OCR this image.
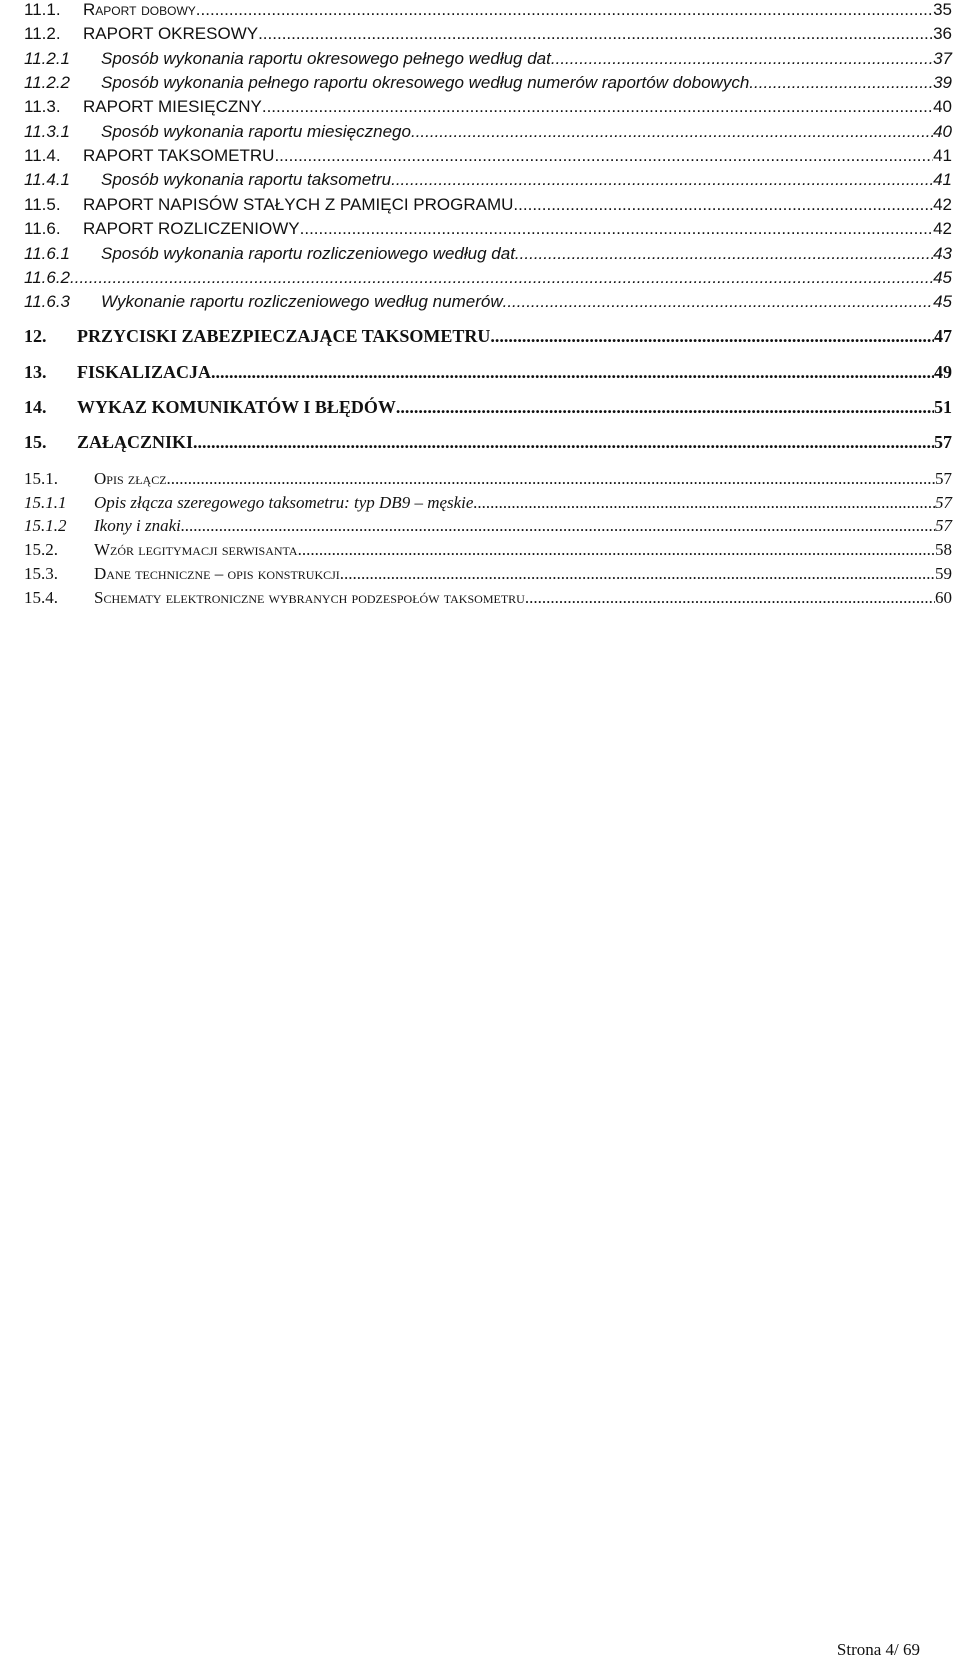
11.1.	Raport dobowy .....	35
11.2.	RAPORT OKRESOWY .....	36
11.2.1	Sposób wykonania raportu okresowego pełnego według dat .....	37
11.2.2	Sposób wykonania pełnego raportu okresowego według numerów raportów dobowych .....	39
11.3.	RAPORT MIESIĘCZNY .....	40
11.3.1	Sposób wykonania raportu miesięcznego .....	40
11.4.	RAPORT TAKSOMETRU .....	41
11.4.1	Sposób wykonania raportu taksometru .....	41
11.5.	RAPORT NAPISÓW STAŁYCH Z PAMIĘCI PROGRAMU .....	42
11.6.	RAPORT ROZLICZENIOWY .....	42
11.6.1	Sposób wykonania raportu rozliczeniowego według dat .....	43
11.6.2 .....	45
11.6.3	Wykonanie raportu rozliczeniowego według numerów .....	45
12.	PRZYCISKI ZABEZPIECZAJĄCE TAKSOMETRU .....	47
13.	FISKALIZACJA .....	49
14.	WYKAZ KOMUNIKATÓW I BŁĘDÓW .....	51
15.	ZAŁĄCZNIKI .....	57
15.1.	Opis złącz .....	57
15.1.1	Opis złącza szeregowego taksometru: typ DB9 – męskie .....	57
15.1.2	Ikony i znaki .....	57
15.2.	Wzór legitymacji serwisanta .....	58
15.3.	Dane techniczne – opis konstrukcji .....	59
15.4.	Schematy elektroniczne wybranych podzespołów taksometru .....	60
Strona 4/ 69
